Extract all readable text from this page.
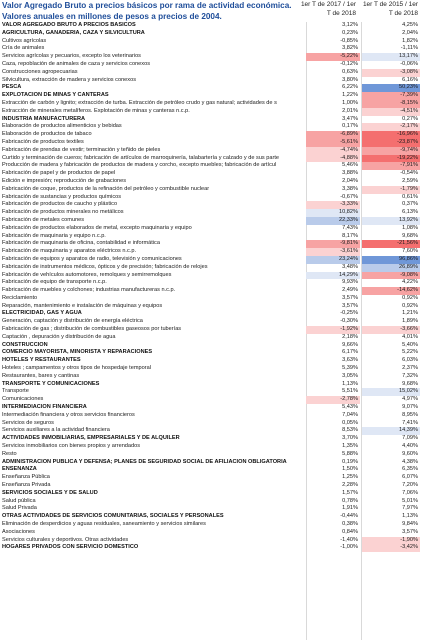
Valor Agregado Bruto a precios básicos por rama de actividad económica. Valores anuales en millones de pesos a precios de 2004.
1er T de 2017 / 1er T de 2018
1er T de 2015 / 1er T de 2018
VALOR AGREGADO BRUTO A PRECIOS BÁSICOS	3,12%	4,25%
AGRICULTURA, GANADERÍA, CAZA Y SILVICULTURA	0,23%	2,04%
Cultivos agrícolas	-0,85%	1,82%
Cría de animales	3,82%	-1,11%
Servicios agrícolas y pecuarios, excepto los veterinarios	-5,22%	13,17%
Caza, repoblación de animales de caza y servicios conexos	-0,12%	-0,06%
Construcciones agropecuarias	0,63%	-3,08%
Silvicultura, extracción de madera y servicios conexos	3,80%	6,16%
PESCA	6,22%	50,23%
EXPLOTACIÓN DE MINAS Y CANTERAS	1,22%	-7,39%
Extracción de carbón y lignito; extracción de turba. Extracción de petróleo crudo y gas natural; actividades de s	1,00%	-8,15%
Extracción de minerales metalíferos. Explotación de minas y canteras n.c.p.	2,01%	-4,51%
INDUSTRIA MANUFACTURERA	3,47%	0,27%
Elaboración de productos alimenticios y bebidas	0,17%	-2,17%
Elaboración de productos de tabaco	-6,89%	-16,96%
Fabricación de productos textiles	-5,61%	-23,87%
Fabricación de prendas de vestir; terminación y teñido de pieles	-4,74%	-9,74%
Curtido y terminación de cueros; fabricación de artículos de marroquinería, talabartería y calzado y de sus parte	-4,88%	-19,22%
Producción de madera y fabricación de productos de madera y corcho, excepto muebles; fabricación de artícul	5,46%	-7,91%
Fabricación de papel y de productos de papel	3,88%	-0,54%
Edición e impresión; reproducción de grabaciones	2,04%	2,59%
Fabricación de coque, productos de la refinación del petróleo y combustible nuclear	3,38%	-1,79%
Fabricación de sustancias y productos químicos	-0,67%	0,61%
Fabricación de productos de caucho y plástico	-3,33%	0,37%
Fabricación de productos minerales no metálicos	10,82%	6,13%
Fabricación de metales comunes	22,33%	13,92%
Fabricación de productos elaborados de metal, excepto maquinaria y equipo	7,43%	1,08%
Fabricación de maquinaria y equipo n.c.p.	8,17%	9,68%
Fabricación de maquinaria de oficina, contabilidad e informática	-9,81%	-21,56%
Fabricación de maquinaria y aparatos eléctricos n.c.p.	-3,61%	7,60%
Fabricación de equipos y aparatos de radio, televisión y comunicaciones	23,24%	96,86%
Fabricación de instrumentos médicos, ópticos y de precisión; fabricación de relojes	3,48%	26,89%
Fabricación de vehículos automotores, remolques y semirremolques	14,29%	-9,08%
Fabricación de equipo de transporte n.c.p.	9,93%	4,22%
Fabricación de muebles y colchones; industrias manufactureras n.c.p.	2,49%	-14,62%
Reciclamiento	3,57%	0,92%
Reparación, mantenimiento e instalación de máquinas y equipos	3,57%	0,92%
ELECTRICIDAD, GAS Y AGUA	-0,25%	1,21%
Generación, captación y distribución de energía eléctrica	-0,30%	1,89%
Fabricación de gas ; distribución de combustibles gaseosos por tuberías	-1,92%	-3,66%
Captación , depuración y distribución de agua	2,18%	4,01%
CONSTRUCCIÓN	9,66%	5,40%
COMERCIO MAYORISTA, MINORISTA Y REPARACIONES	6,17%	5,22%
HOTELES Y RESTAURANTES	3,63%	6,03%
Hoteles ; campamentos y otros tipos de hospedaje temporal	5,39%	2,37%
Restaurantes, bares y cantinas	3,05%	7,32%
TRANSPORTE Y COMUNICACIONES	1,13%	9,68%
Transporte	5,51%	15,02%
Comunicaciones	-2,78%	4,97%
INTERMEDIACIÓN FINANCIERA	5,43%	9,07%
Intermediación financiera y otros servicios financieros	7,04%	8,95%
Servicios de seguros	0,05%	7,41%
Servicios auxiliares a la actividad financiera	8,53%	14,39%
ACTIVIDADES INMOBILIARIAS, EMPRESARIALES Y DE ALQUILER	3,70%	7,09%
Servicios inmobiliarios con bienes propios y arrendados	1,35%	4,40%
Resto	5,88%	9,60%
ADMINISTRACIÓN PÚBLICA Y DEFENSA; PLANES DE SEGURIDAD SOCIAL DE AFILIACIÓN OBLIGATORIA	0,19%	4,38%
ENSEÑANZA	1,50%	6,35%
Enseñanza Pública	1,25%	6,07%
Enseñanza Privada	2,28%	7,20%
SERVICIOS SOCIALES Y DE SALUD	1,57%	7,06%
Salud pública	0,78%	5,01%
Salud Privada	1,91%	7,97%
OTRAS ACTIVIDADES DE SERVICIOS COMUNITARIAS, SOCIALES Y PERSONALES	-0,44%	1,13%
Eliminación de desperdicios y aguas residuales, saneamiento y servicios similares	0,38%	9,84%
Asociaciones	0,84%	3,57%
Servicios culturales y deportivos. Otras actividades	-1,40%	-1,90%
HOGARES PRIVADOS CON SERVICIO DOMÉSTICO	-1,00%	-3,42%
